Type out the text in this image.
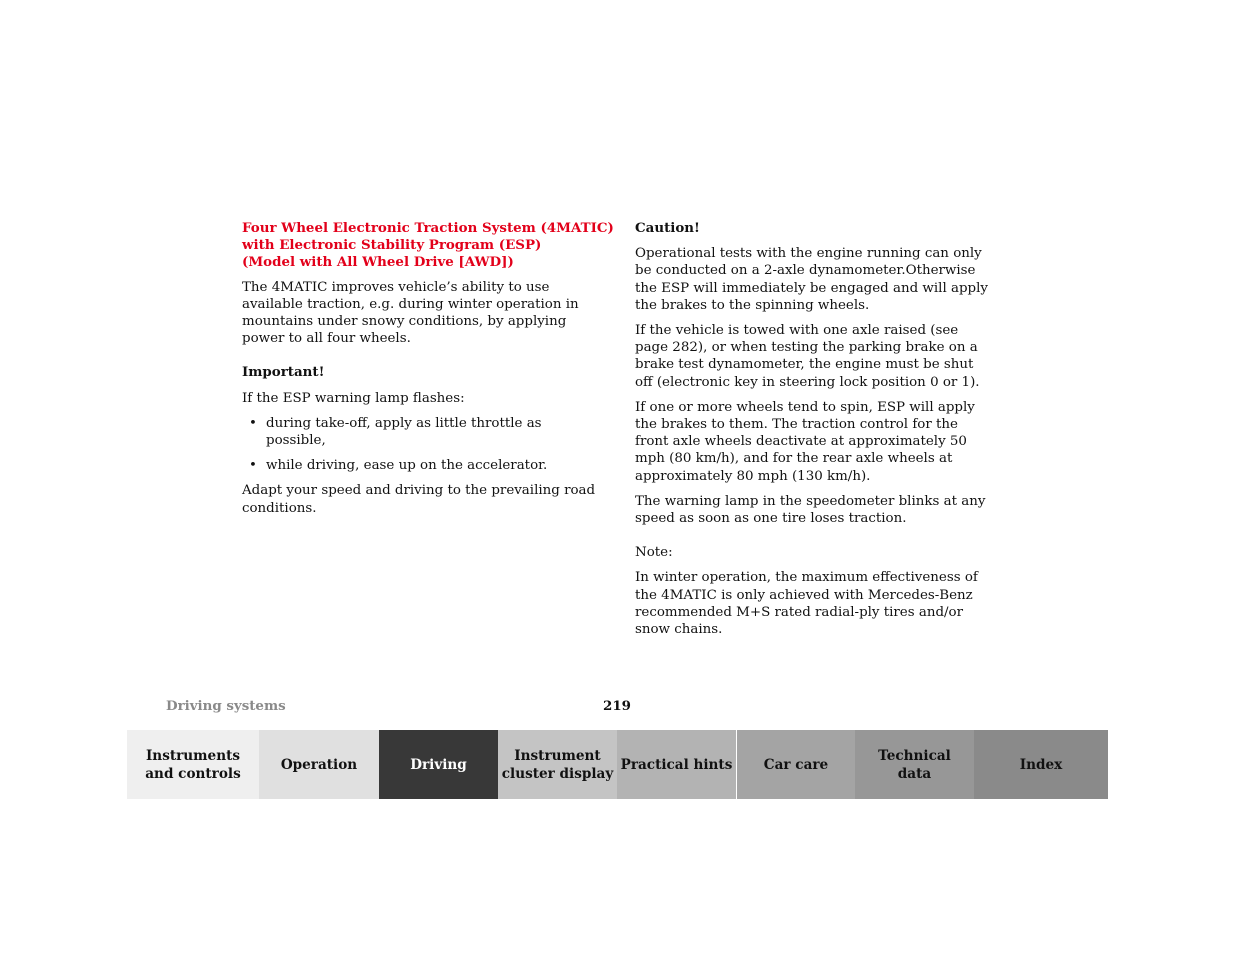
Four Wheel Electronic Traction System (4MATIC)
with Electronic Stability Program (ESP)
(Model with All Wheel Drive [AWD])

The 4MATIC improves vehicle’s ability to use available traction, e.g. during winter operation in mountains under snowy conditions, by applying power to all four wheels.

Important!

If the ESP warning lamp flashes:

• during take-off, apply as little throttle as possible,
• while driving, ease up on the accelerator.

Adapt your speed and driving to the prevailing road conditions.

Caution!

Operational tests with the engine running can only be conducted on a 2-axle dynamometer.Otherwise the ESP will immediately be engaged and will apply the brakes to the spinning wheels.

If the vehicle is towed with one axle raised (see page 282), or when testing the parking brake on a brake test dynamometer, the engine must be shut off (electronic key in steering lock position 0 or 1).

If one or more wheels tend to spin, ESP will apply the brakes to them. The traction control for the front axle wheels deactivate at approximately 50 mph (80 km/h), and for the rear axle wheels at approximately 80 mph (130 km/h).

The warning lamp in the speedometer blinks at any speed as soon as one tire loses traction.

Note:

In winter operation, the maximum effectiveness of the 4MATIC is only achieved with Mercedes-Benz recommended M+S rated radial-ply tires and/or snow chains.

Driving systems	219
Instruments
and controls
Operation	Driving
Instrument
cluster display
Practical hints Car care
Technical
data
Index
